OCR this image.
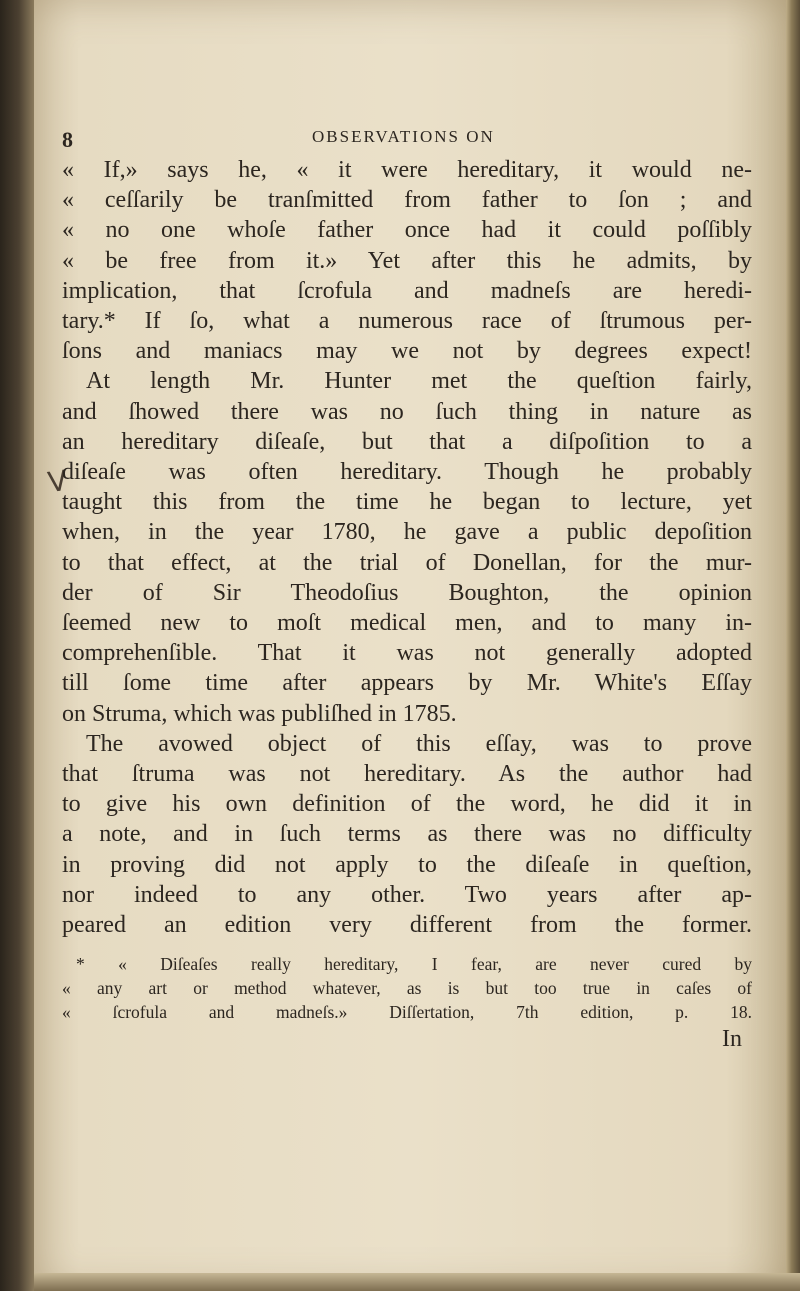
V
8	OBSERVATIONS ON
« If,» says he, « it were hereditary, it would ne-
« ceſſarily be tranſmitted from father to ſon ; and
« no one whoſe father once had it could poſſibly
« be free from it.» Yet after this he admits, by
implication, that ſcrofula and madneſs are heredi-
tary.* If ſo, what a numerous race of ſtrumous per-
ſons and maniacs may we not by degrees expect!
At length Mr. Hunter met the queſtion fairly,
and ſhowed there was no ſuch thing in nature as
an hereditary diſeaſe, but that a diſpoſition to a
diſeaſe was often hereditary. Though he probably
taught this from the time he began to lecture, yet
when, in the year 1780, he gave a public depoſition
to that effect, at the trial of Donellan, for the mur-
der of Sir Theodoſius Boughton, the opinion
ſeemed new to moſt medical men, and to many in-
comprehenſible. That it was not generally adopted
till ſome time after appears by Mr. White's Eſſay
on Struma, which was publiſhed in 1785.
The avowed object of this eſſay, was to prove
that ſtruma was not hereditary. As the author had
to give his own definition of the word, he did it in
a note, and in ſuch terms as there was no difficulty
in proving did not apply to the diſeaſe in queſtion,
nor indeed to any other. Two years after ap-
peared an edition very different from the former.
* « Diſeaſes really hereditary, I fear, are never cured by
« any art or method whatever, as is but too true in caſes of
« ſcrofula and madneſs.» Diſſertation, 7th edition, p. 18.
In
